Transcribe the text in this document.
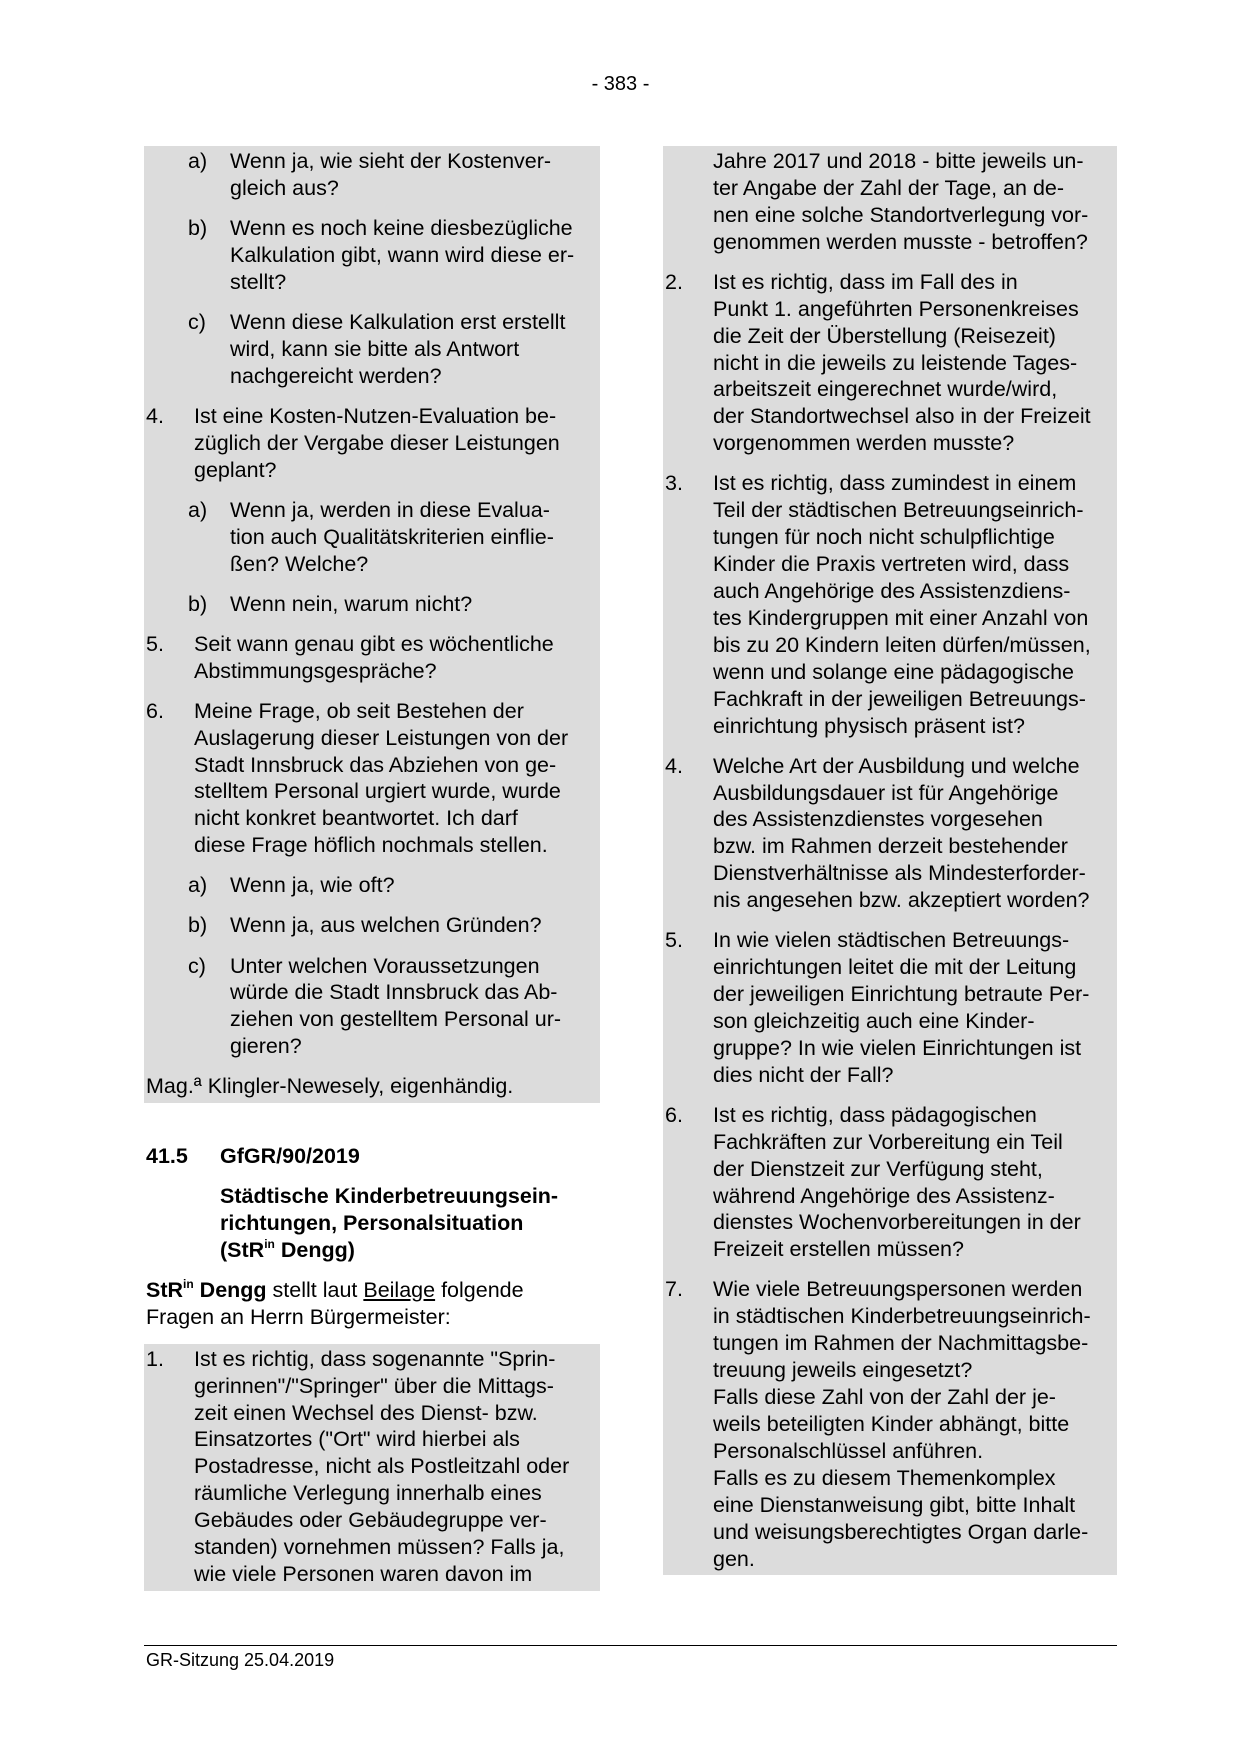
- 383 -
a) Wenn ja, wie sieht der Kostenver-
gleich aus?
b) Wenn es noch keine diesbezügliche
Kalkulation gibt, wann wird diese er-
stellt?
c) Wenn diese Kalkulation erst erstellt
wird, kann sie bitte als Antwort
nachgereicht werden?
4. Ist eine Kosten-Nutzen-Evaluation be-
züglich der Vergabe dieser Leistungen
geplant?
a) Wenn ja, werden in diese Evalua-
tion auch Qualitätskriterien einflie-
ßen? Welche?
b) Wenn nein, warum nicht?
5. Seit wann genau gibt es wöchentliche
Abstimmungsgespräche?
6. Meine Frage, ob seit Bestehen der
Auslagerung dieser Leistungen von der
Stadt Innsbruck das Abziehen von ge-
stelltem Personal urgiert wurde, wurde
nicht konkret beantwortet. Ich darf
diese Frage höflich nochmals stellen.
a) Wenn ja, wie oft?
b) Wenn ja, aus welchen Gründen?
c) Unter welchen Voraussetzungen
würde die Stadt Innsbruck das Ab-
ziehen von gestelltem Personal ur-
gieren?
Mag.ª Klingler-Newesely, eigenhändig.
41.5 GfGR/90/2019
Städtische Kinderbetreuungsein-
richtungen, Personalsituation
(StR$^{in}$ Dengg)
StR$^{in}$ Dengg stellt laut Beilage folgende
Fragen an Herrn Bürgermeister:
1. Ist es richtig, dass sogenannte "Sprin-
gerinnen"/"Springer" über die Mittags-
zeit einen Wechsel des Dienst- bzw.
Einsatzortes ("Ort" wird hierbei als
Postadresse, nicht als Postleitzahl oder
räumliche Verlegung innerhalb eines
Gebäudes oder Gebäudegruppe ver-
standen) vornehmen müssen? Falls ja,
wie viele Personen waren davon im
Jahre 2017 und 2018 - bitte jeweils un-
ter Angabe der Zahl der Tage, an de-
nen eine solche Standortverlegung vor-
genommen werden musste - betroffen?
2. Ist es richtig, dass im Fall des in
Punkt 1. angeführten Personenkreises
die Zeit der Überstellung (Reisezeit)
nicht in die jeweils zu leistende Tages-
arbeitszeit eingerechnet wurde/wird,
der Standortwechsel also in der Freizeit
vorgenommen werden musste?
3. Ist es richtig, dass zumindest in einem
Teil der städtischen Betreuungseinrich-
tungen für noch nicht schulpflichtige
Kinder die Praxis vertreten wird, dass
auch Angehörige des Assistenzdiens-
tes Kindergruppen mit einer Anzahl von
bis zu 20 Kindern leiten dürfen/müssen,
wenn und solange eine pädagogische
Fachkraft in der jeweiligen Betreuungs-
einrichtung physisch präsent ist?
4. Welche Art der Ausbildung und welche
Ausbildungsdauer ist für Angehörige
des Assistenzdienstes vorgesehen
bzw. im Rahmen derzeit bestehender
Dienstverhältnisse als Mindesterforder-
nis angesehen bzw. akzeptiert worden?
5. In wie vielen städtischen Betreuungs-
einrichtungen leitet die mit der Leitung
der jeweiligen Einrichtung betraute Per-
son gleichzeitig auch eine Kinder-
gruppe? In wie vielen Einrichtungen ist
dies nicht der Fall?
6. Ist es richtig, dass pädagogischen
Fachkräften zur Vorbereitung ein Teil
der Dienstzeit zur Verfügung steht,
während Angehörige des Assistenz-
dienstes Wochenvorbereitungen in der
Freizeit erstellen müssen?
7. Wie viele Betreuungspersonen werden
in städtischen Kinderbetreuungseinrich-
tungen im Rahmen der Nachmittagsbe-
treuung jeweils eingesetzt?
Falls diese Zahl von der Zahl der je-
weils beteiligten Kinder abhängt, bitte
Personalschlüssel anführen.
Falls es zu diesem Themenkomplex
eine Dienstanweisung gibt, bitte Inhalt
und weisungsberechtigtes Organ darle-
gen.
GR-Sitzung 25.04.2019
